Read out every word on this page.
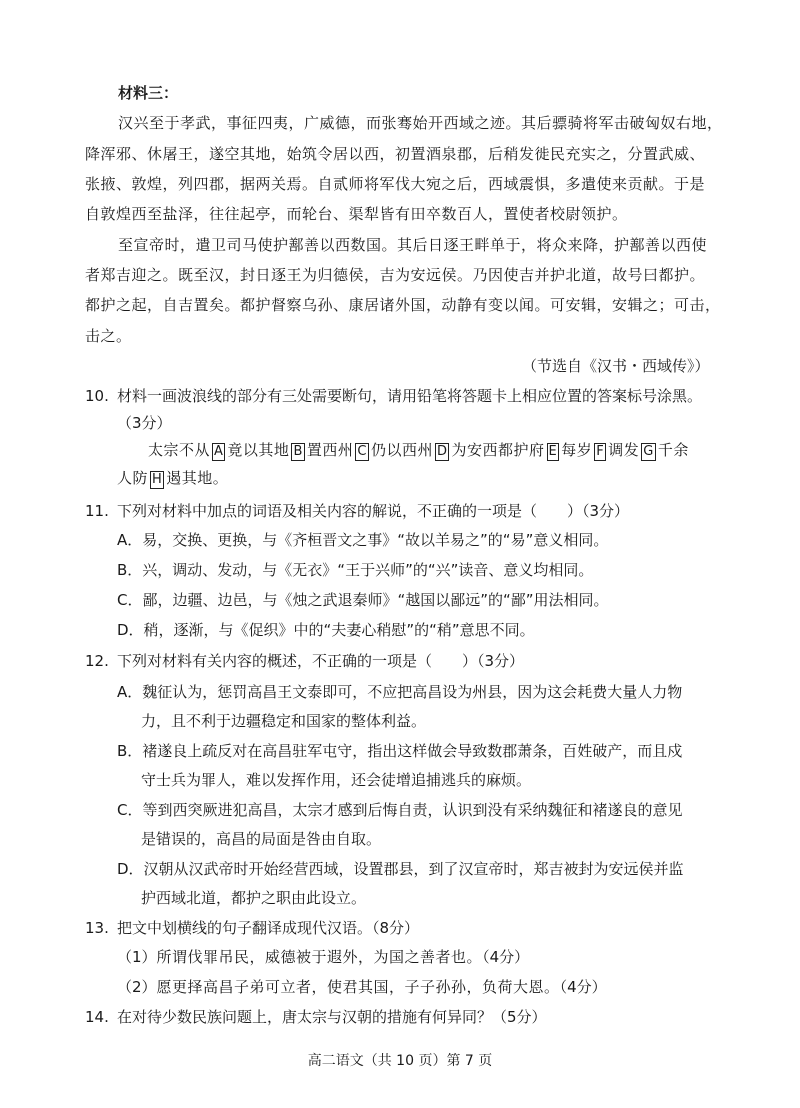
材料三：
汉兴至于孝武，事征四夷，广威德，而张骞始开西域之迹。其后骠骑将军击破匈奴右地，
降浑邪、休屠王，遂空其地，始筑令居以西，初置酒泉郡，后稍发徙民充实之，分置武威、
张掖、敦煌，列四郡，据两关焉。自贰师将军伐大宛之后，西域震惧，多遣使来贡献。于是
自敦煌西至盐泽，往往起亭，而轮台、渠犁皆有田卒数百人，置使者校尉领护。
至宣帝时，遣卫司马使护鄯善以西数国。其后日逐王畔单于，将众来降，护鄯善以西使
者郑吉迎之。既至汉，封日逐王为归德侯，吉为安远侯。乃因使吉并护北道，故号曰都护。
都护之起，自吉置矣。都护督察乌孙、康居诸外国，动静有变以闻。可安辑，安辑之；可击，
击之。
（节选自《汉书・西域传》）
10. 材料一画波浪线的部分有三处需要断句，请用铅笔将答题卡上相应位置的答案标号涂黑。
（3分）
太宗不从 A 竟以其地 B 置西州 C 仍以西州 D 为安西都护府 E 每岁 F 调发 G 千余
人防 H 遏其地。
11. 下列对材料中加点的词语及相关内容的解说，不正确的一项是（　　）（3分）
A．易，交换、更换，与《齐桓晋文之事》“故以羊易之”的“易”意义相同。
B．兴，调动、发动，与《无衣》“王于兴师”的“兴”读音、意义均相同。
C．鄙，边疆、边邑，与《烛之武退秦师》“越国以鄙远”的“鄙”用法相同。
D．稍，逐渐，与《促织》中的“夫妻心稍慰”的“稍”意思不同。
12. 下列对材料有关内容的概述，不正确的一项是（　　）（3分）
A．魏征认为，惩罚高昌王文泰即可，不应把高昌设为州县，因为这会耗费大量人力物
力，且不利于边疆稳定和国家的整体利益。
B．褚遂良上疏反对在高昌驻军屯守，指出这样做会导致数郡萧条，百姓破产，而且戍
守士兵为罪人，难以发挥作用，还会徒增追捕逃兵的麻烦。
C．等到西突厥进犯高昌，太宗才感到后悔自责，认识到没有采纳魏征和褚遂良的意见
是错误的，高昌的局面是咎由自取。
D．汉朝从汉武帝时开始经营西域，设置郡县，到了汉宣帝时，郑吉被封为安远侯并监
护西域北道，都护之职由此设立。
13. 把文中划横线的句子翻译成现代汉语。（8分）
（1）所谓伐罪吊民，威德被于遐外，为国之善者也。（4分）
（2）愿更择高昌子弟可立者，使君其国，子子孙孙，负荷大恩。（4分）
14. 在对待少数民族问题上，唐太宗与汉朝的措施有何异同？（5分）
高二语文（共 10 页）第 7 页
